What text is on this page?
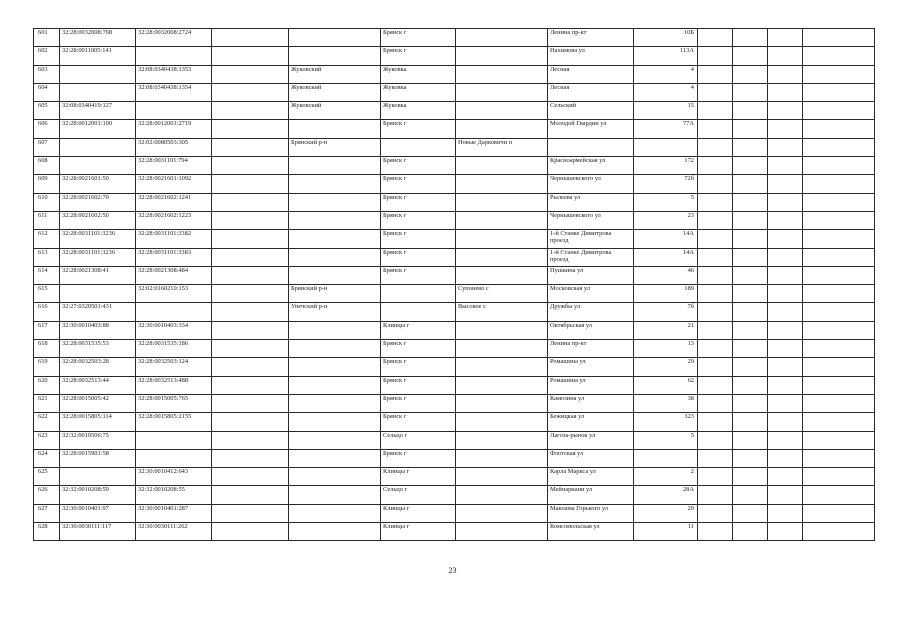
601	32:28:0032008:768	32:28:0032008:2724			Брянск г		Ленина пр-кт	10Б				
602	32:28:0011005:141				Брянск г		Нахимова ул	113А				
603		32:08:0340438:1353		Жуковский	Жуковка		Лесная	4				
604		32:08:0340438:1354		Жуковский	Жуковка		Лесная	4				
605	32:08:0340419:127			Жуковский	Жуковка		Сельский	15				
606	32:28:0012001:100	32:28:0012001:2719			Брянск г		Молодой Гвардии ул	77А				
607		32:02:0080503:305		Брянский р-н		Новые Дарковичи п						
608		32:28:0031101:794			Брянск г		Красноармейская ул	172				
609	32:28:0021601:50	32:28:0021601:1092			Брянск г		Чернышевского ул	72б				
610	32:28:0021602:70	32:28:0021602:1241			Брянск г		Рылеева ул	5				
611	32:28:0021602:50	32:28:0021602:1223			Брянск г		Чернышевского ул	23				
612	32:28:0031101:3236	32:28:0031101:3382			Брянск г		1-й Станке Димитрова проезд	14А				
613	32:28:0031101:3236	32:28:0031101:3383			Брянск г		1-й Станке Димитрова проезд	14А				
614	32:28:0021308:41	32:28:0021308:484			Брянск г		Пушкина ул	46				
615		32:02:0160210:153		Брянский р-н		Супонево с	Московская ул	189				
616	32:27:0320501:431			Унечский р-н		Высокое с	Дружбы ул	7б				
617	32:30:0010403:88	32:30:0010403:334			Клинцы г		Октябрьская ул	21				
618	32:28:0031535:53	32:28:0031535:186			Брянск г		Ленина пр-кт	13				
619	32:28:0032503:28	32:28:0032503:124			Брянск г		Ромашина ул	29				
620	32:28:0032513:44	32:28:0032513:488			Брянск г		Ромашина ул	62				
621	32:28:0015005:42	32:28:0015005:765			Брянск г		Камозина ул	38				
622	32:28:0015805:114	32:28:0015805:2155			Брянск г		Бежицкая ул	323				
623	32:32:0010506:75				Сельцо г		Лагоза-рынок ул	5				
624	32:28:0015901:58				Брянск г		Флотская ул					
625		32:30:0010412:643			Клинцы г		Карла Маркса ул	2				
626	32:32:0010208:59	32:32:0010208:55			Сельцо г		Мейпариани ул	28А				
627	32:30:0010401:97	32:30:0010401:287			Клинцы г		Максима Горького ул	29				
628	32:30:0030111:117	32:30:0030111:262			Клинцы г		Комсомольская ул	11				
23
